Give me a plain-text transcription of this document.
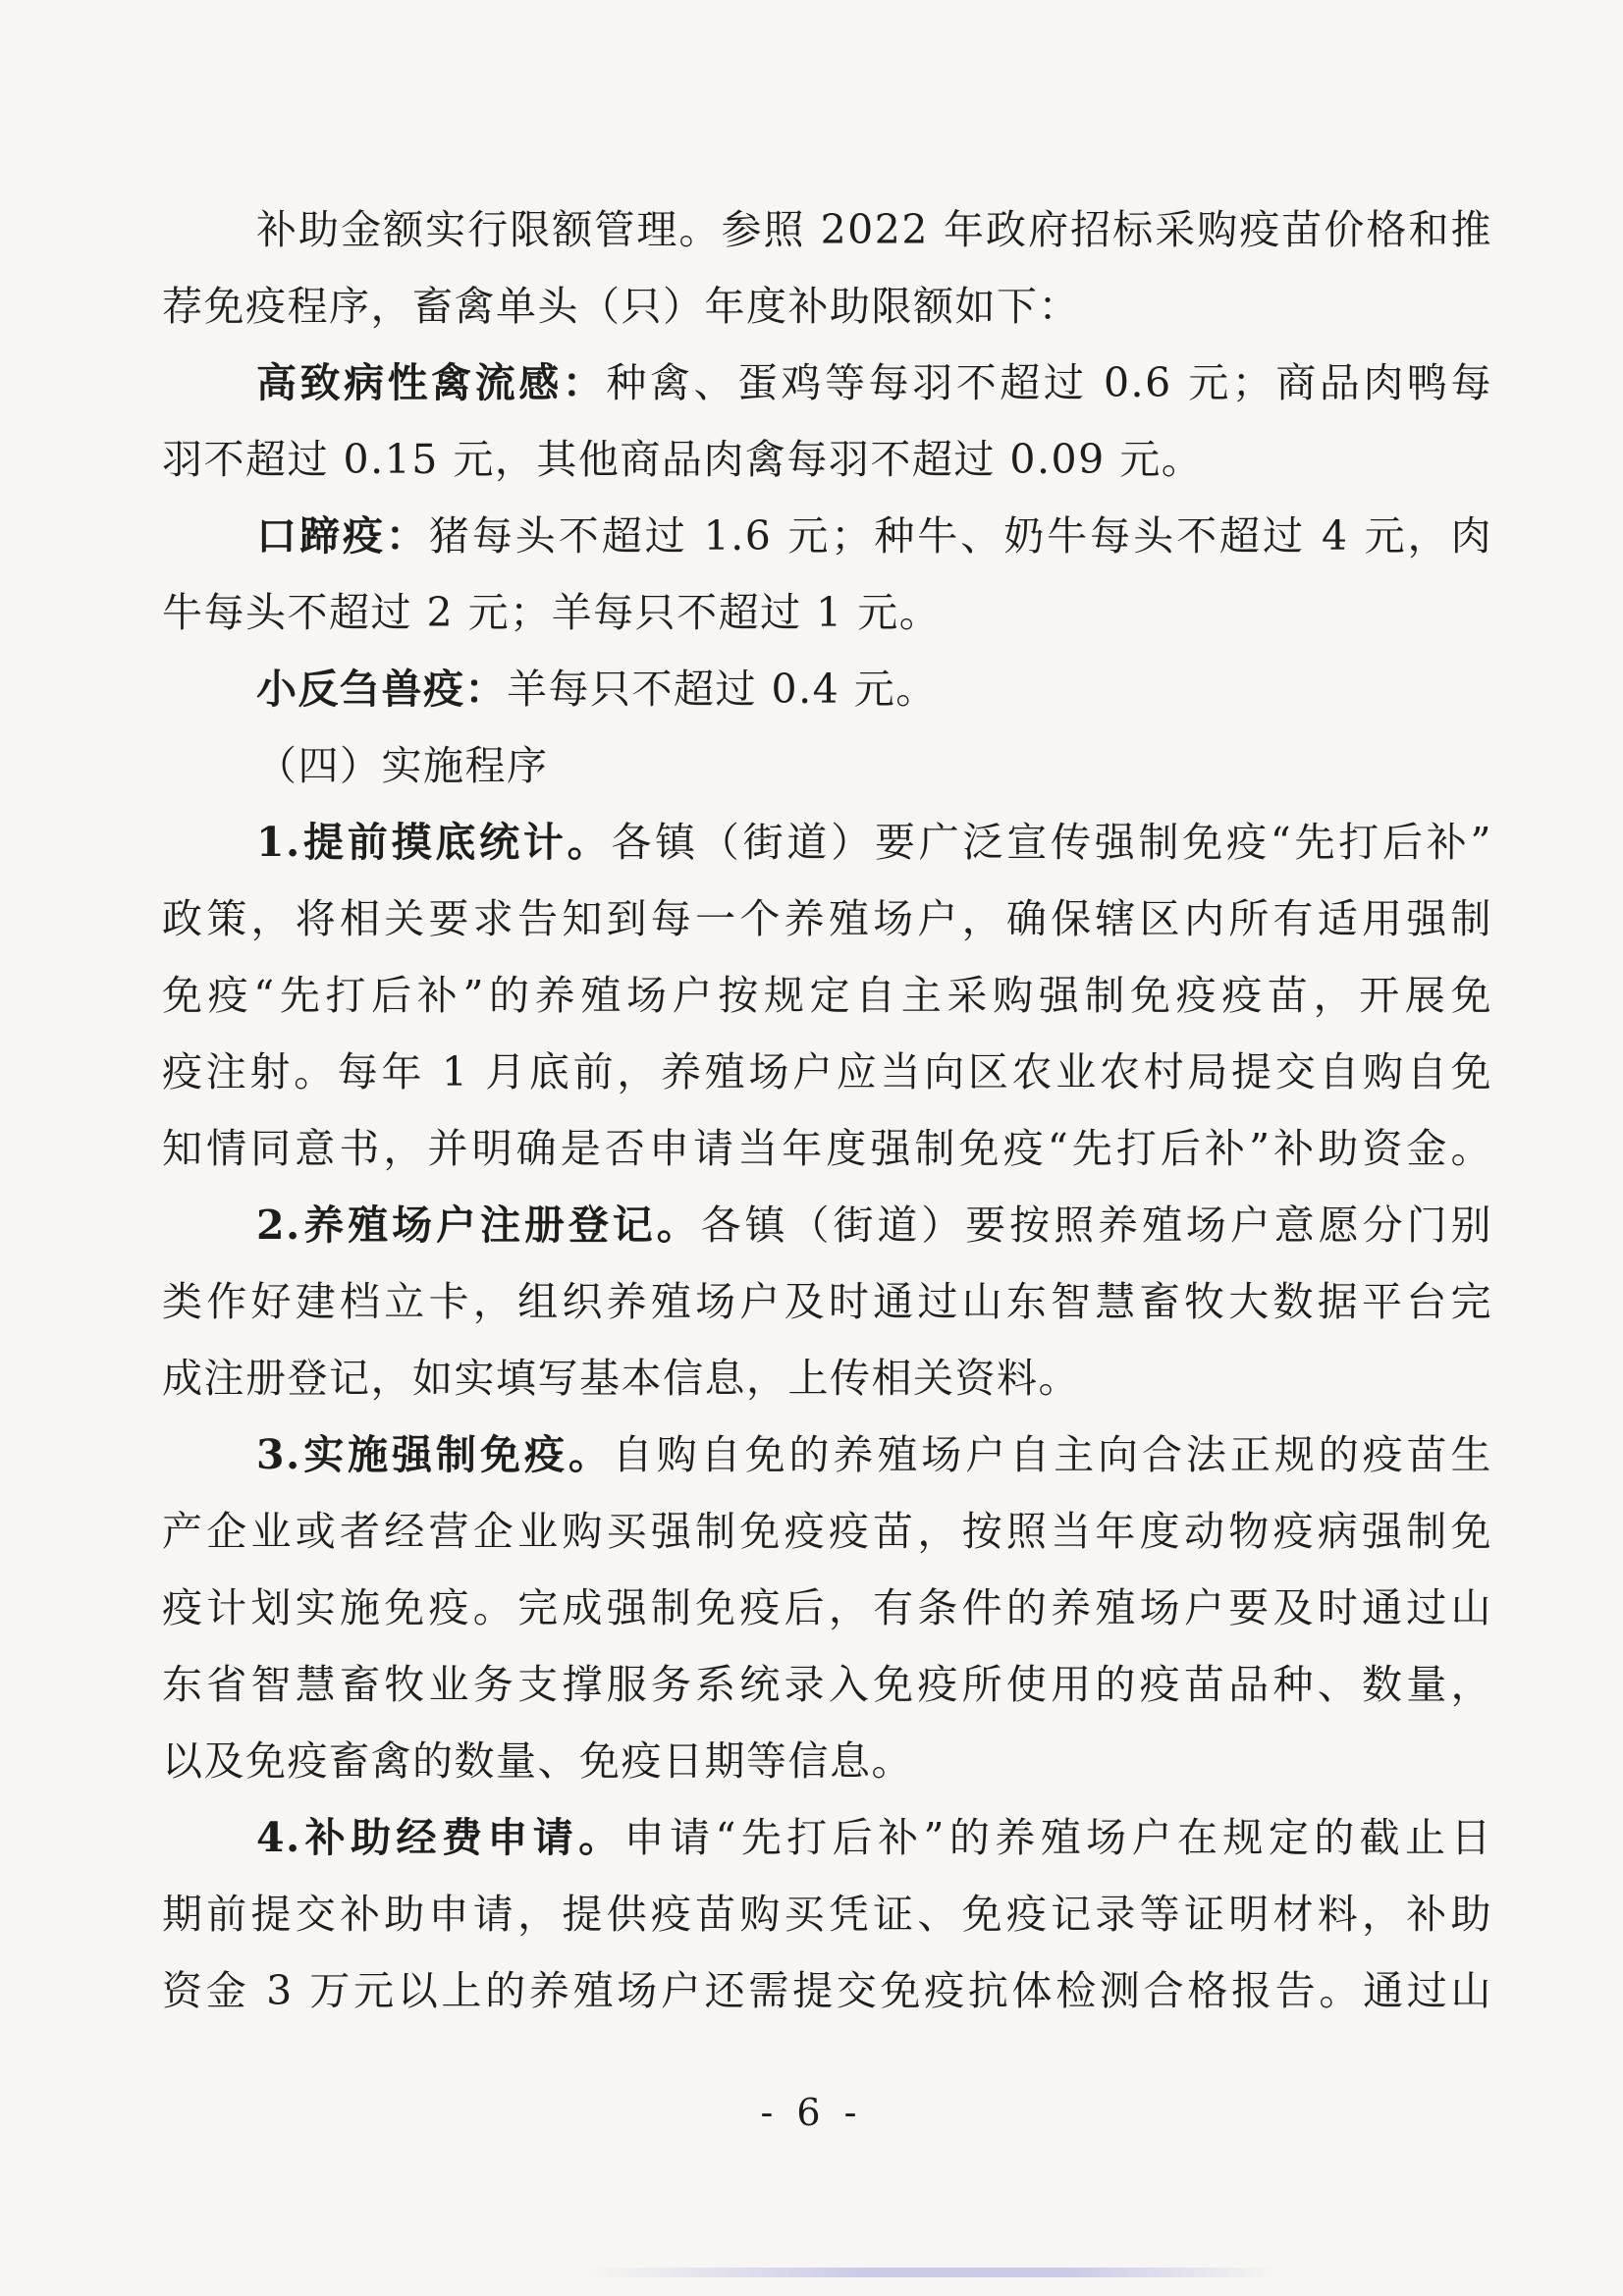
补助金额实行限额管理。参照 2022 年政府招标采购疫苗价格和推
荐免疫程序，畜禽单头（只）年度补助限额如下：
高致病性禽流感：种禽、蛋鸡等每羽不超过 0.6 元；商品肉鸭每
羽不超过 0.15 元，其他商品肉禽每羽不超过 0.09 元。
口蹄疫：猪每头不超过 1.6 元；种牛、奶牛每头不超过 4 元，肉
牛每头不超过 2 元；羊每只不超过 1 元。
小反刍兽疫：羊每只不超过 0.4 元。
（四）实施程序
1.提前摸底统计。各镇（街道）要广泛宣传强制免疫“先打后补”
政策，将相关要求告知到每一个养殖场户，确保辖区内所有适用强制
免疫“先打后补”的养殖场户按规定自主采购强制免疫疫苗，开展免
疫注射。每年 1 月底前，养殖场户应当向区农业农村局提交自购自免
知情同意书，并明确是否申请当年度强制免疫“先打后补”补助资金。
2.养殖场户注册登记。各镇（街道）要按照养殖场户意愿分门别
类作好建档立卡，组织养殖场户及时通过山东智慧畜牧大数据平台完
成注册登记，如实填写基本信息，上传相关资料。
3.实施强制免疫。自购自免的养殖场户自主向合法正规的疫苗生
产企业或者经营企业购买强制免疫疫苗，按照当年度动物疫病强制免
疫计划实施免疫。完成强制免疫后，有条件的养殖场户要及时通过山
东省智慧畜牧业务支撑服务系统录入免疫所使用的疫苗品种、数量，
以及免疫畜禽的数量、免疫日期等信息。
4.补助经费申请。申请“先打后补”的养殖场户在规定的截止日
期前提交补助申请，提供疫苗购买凭证、免疫记录等证明材料，补助
资金 3 万元以上的养殖场户还需提交免疫抗体检测合格报告。通过山
- 6 -
